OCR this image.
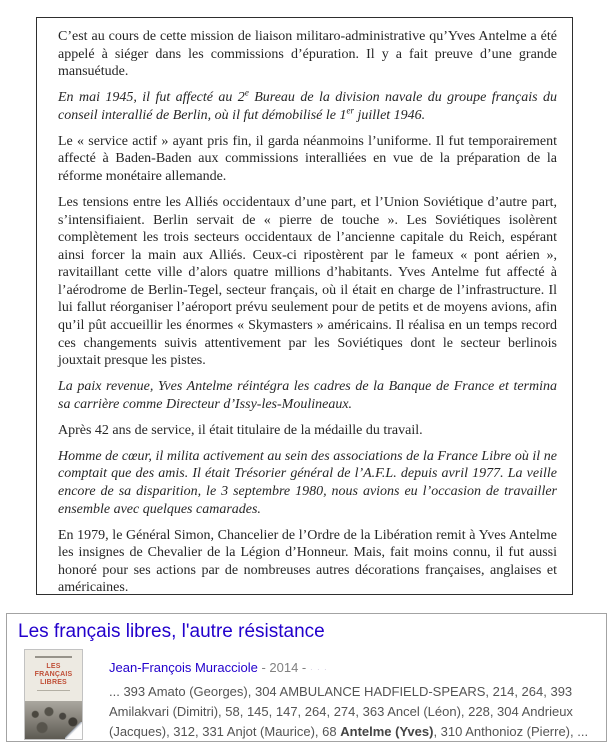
C’est au cours de cette mission de liaison militaro-administrative qu’Yves Antelme a été appelé à siéger dans les commissions d’épuration. Il y a fait preuve d’une grande mansuétude.

En mai 1945, il fut affecté au 2e Bureau de la division navale du groupe français du conseil interallié de Berlin, où il fut démobilisé le 1er juillet 1946.

Le « service actif » ayant pris fin, il garda néanmoins l’uniforme. Il fut temporairement affecté à Baden-Baden aux commissions interalliées en vue de la préparation de la réforme monétaire allemande.

Les tensions entre les Alliés occidentaux d’une part, et l’Union Soviétique d’autre part, s’intensifiaient. Berlin servait de « pierre de touche ». Les Soviétiques isolèrent complètement les trois secteurs occidentaux de l’ancienne capitale du Reich, espérant ainsi forcer la main aux Alliés. Ceux-ci ripostèrent par le fameux « pont aérien », ravitaillant cette ville d’alors quatre millions d’habitants. Yves Antelme fut affecté à l’aérodrome de Berlin-Tegel, secteur français, où il était en charge de l’infrastructure. Il lui fallut réorganiser l’aéroport prévu seulement pour de petits et de moyens avions, afin qu’il pût accueillir les énormes « Skymasters » américains. Il réalisa en un temps record ces changements suivis attentivement par les Soviétiques dont le secteur berlinois jouxtait presque les pistes.

La paix revenue, Yves Antelme réintégra les cadres de la Banque de France et termina sa carrière comme Directeur d’Issy-les-Moulineaux.

Après 42 ans de service, il était titulaire de la médaille du travail.

Homme de cœur, il milita activement au sein des associations de la France Libre où il ne comptait que des amis. Il était Trésorier général de l’A.F.L. depuis avril 1977. La veille encore de sa disparition, le 3 septembre 1980, nous avions eu l’occasion de travailler ensemble avec quelques camarades.

En 1979, le Général Simon, Chancelier de l’Ordre de la Libération remit à Yves Antelme les insignes de Chevalier de la Légion d’Honneur. Mais, fait moins connu, il fut aussi honoré pour ses actions par de nombreuses autres décorations françaises, anglaises et américaines.

Les français libres, l'autre résistance
LES
FRANÇAIS
LIBRES
Jean-François Muracciole - 2014 - ···
... 393 Amato (Georges), 304 AMBULANCE HADFIELD-SPEARS, 214, 264, 393 Amilakvari (Dimitri), 58, 145, 147, 264, 274, 363 Ancel (Léon), 228, 304 Andrieux (Jacques), 312, 331 Anjot (Maurice), 68 Antelme (Yves), 310 Anthonioz (Pierre), ...
